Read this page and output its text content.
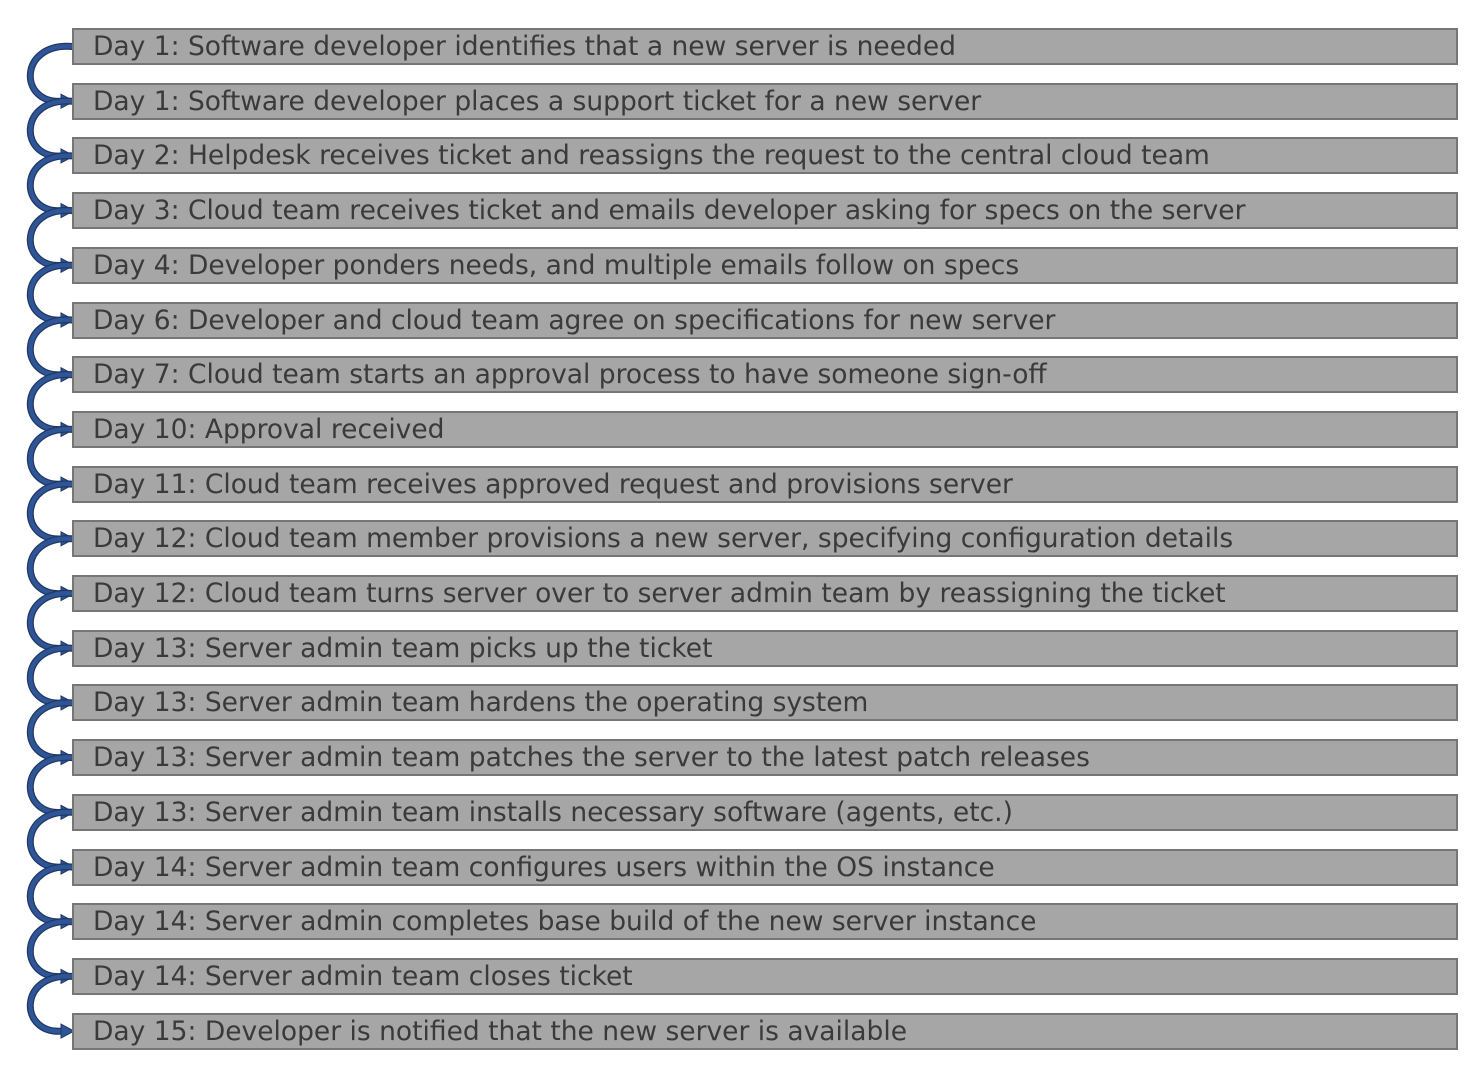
Day 1: Software developer identifies that a new server is needed
Day 1: Software developer places a support ticket for a new server
Day 2: Helpdesk receives ticket and reassigns the request to the central cloud team
Day 3: Cloud team receives ticket and emails developer asking for specs on the server
Day 4: Developer ponders needs, and multiple emails follow on specs
Day 6: Developer and cloud team agree on specifications for new server
Day 7: Cloud team starts an approval process to have someone sign-off
Day 10: Approval received
Day 11: Cloud team receives approved request and provisions server
Day 12: Cloud team member provisions a new server, specifying configuration details
Day 12: Cloud team turns server over to server admin team by reassigning the ticket
Day 13: Server admin team picks up the ticket
Day 13: Server admin team hardens the operating system
Day 13: Server admin team patches the server to the latest patch releases
Day 13: Server admin team installs necessary software (agents, etc.)
Day 14: Server admin team configures users within the OS instance
Day 14: Server admin completes base build of the new server instance
Day 14: Server admin team closes ticket
Day 15: Developer is notified that the new server is available
